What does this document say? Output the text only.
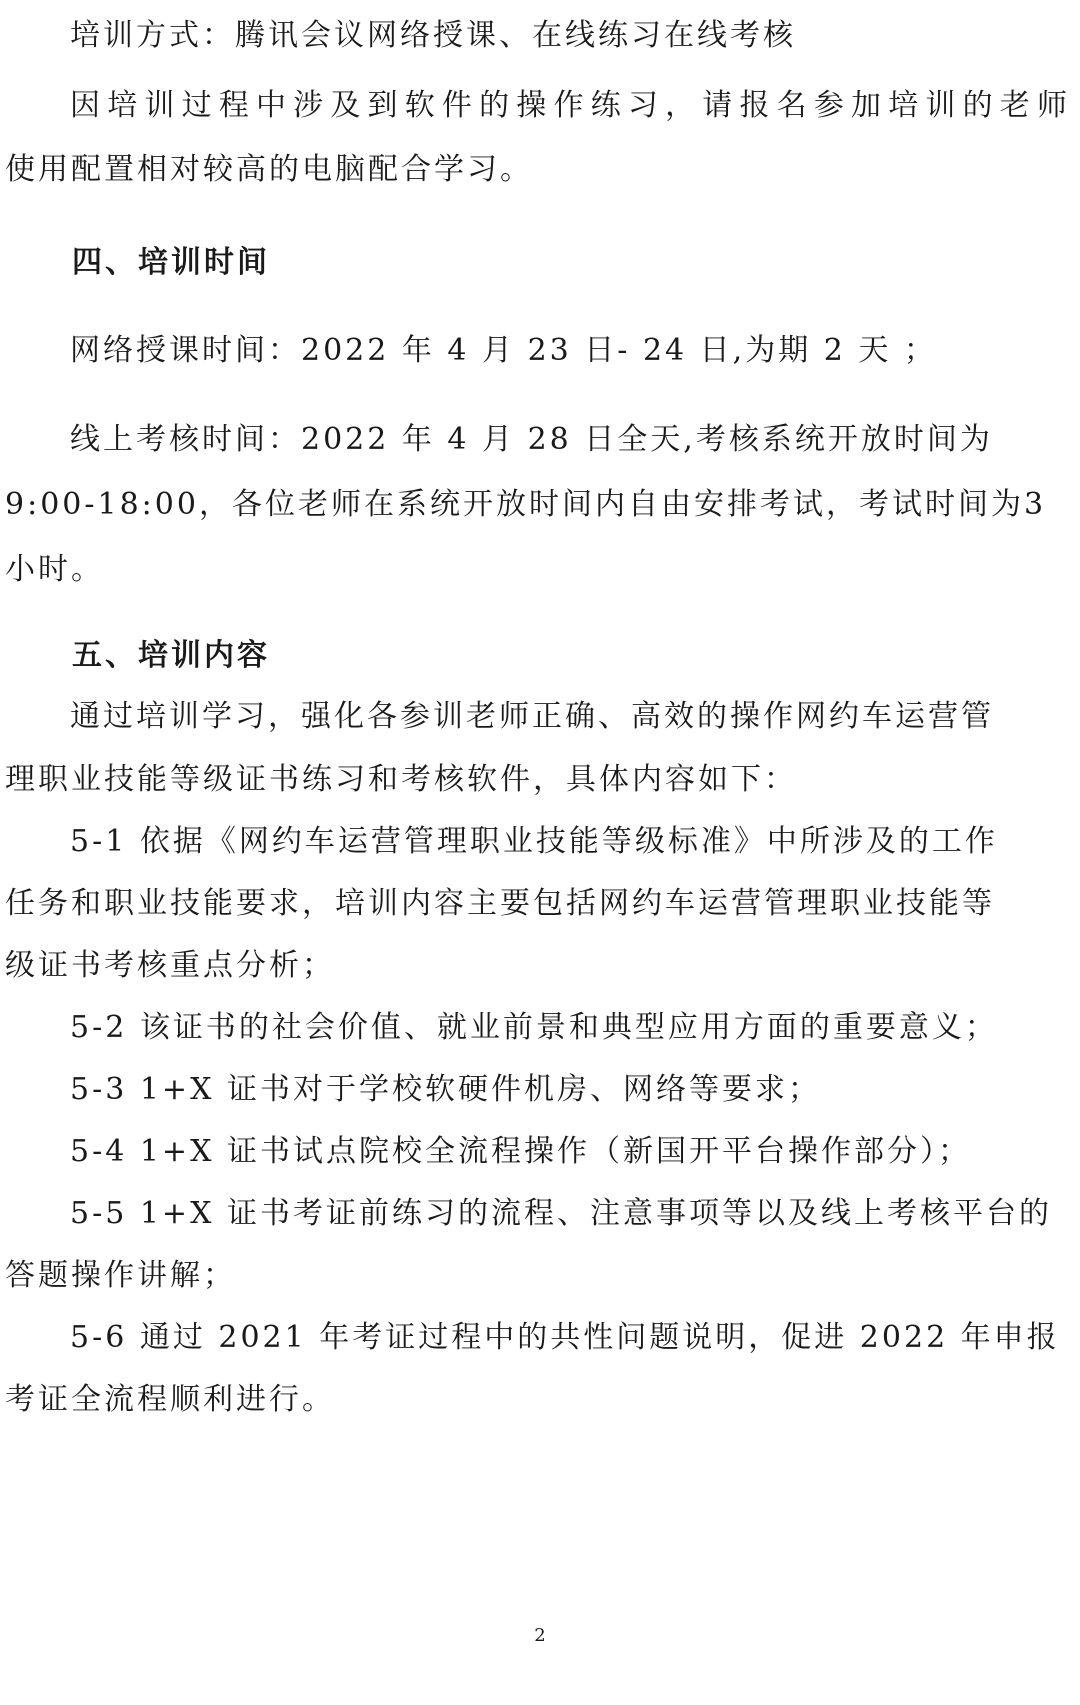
培训方式：腾讯会议网络授课、在线练习在线考核

因培训过程中涉及到软件的操作练习，请报名参加培训的老师

使用配置相对较高的电脑配合学习。

四、培训时间

网络授课时间：2022 年 4 月 23 日- 24 日,为期 2 天 ；

线上考核时间：2022 年 4 月 28 日全天,考核系统开放时间为

9:00-18:00，各位老师在系统开放时间内自由安排考试，考试时间为3

小时。

五、培训内容

通过培训学习，强化各参训老师正确、高效的操作网约车运营管

理职业技能等级证书练习和考核软件，具体内容如下：

5-1 依据《网约车运营管理职业技能等级标准》中所涉及的工作

任务和职业技能要求，培训内容主要包括网约车运营管理职业技能等

级证书考核重点分析；

5-2 该证书的社会价值、就业前景和典型应用方面的重要意义；

5-3 1+X 证书对于学校软硬件机房、网络等要求；

5-4 1+X 证书试点院校全流程操作（新国开平台操作部分）；

5-5 1+X 证书考证前练习的流程、注意事项等以及线上考核平台的

答题操作讲解；

5-6 通过 2021 年考证过程中的共性问题说明，促进 2022 年申报

考证全流程顺利进行。

2
